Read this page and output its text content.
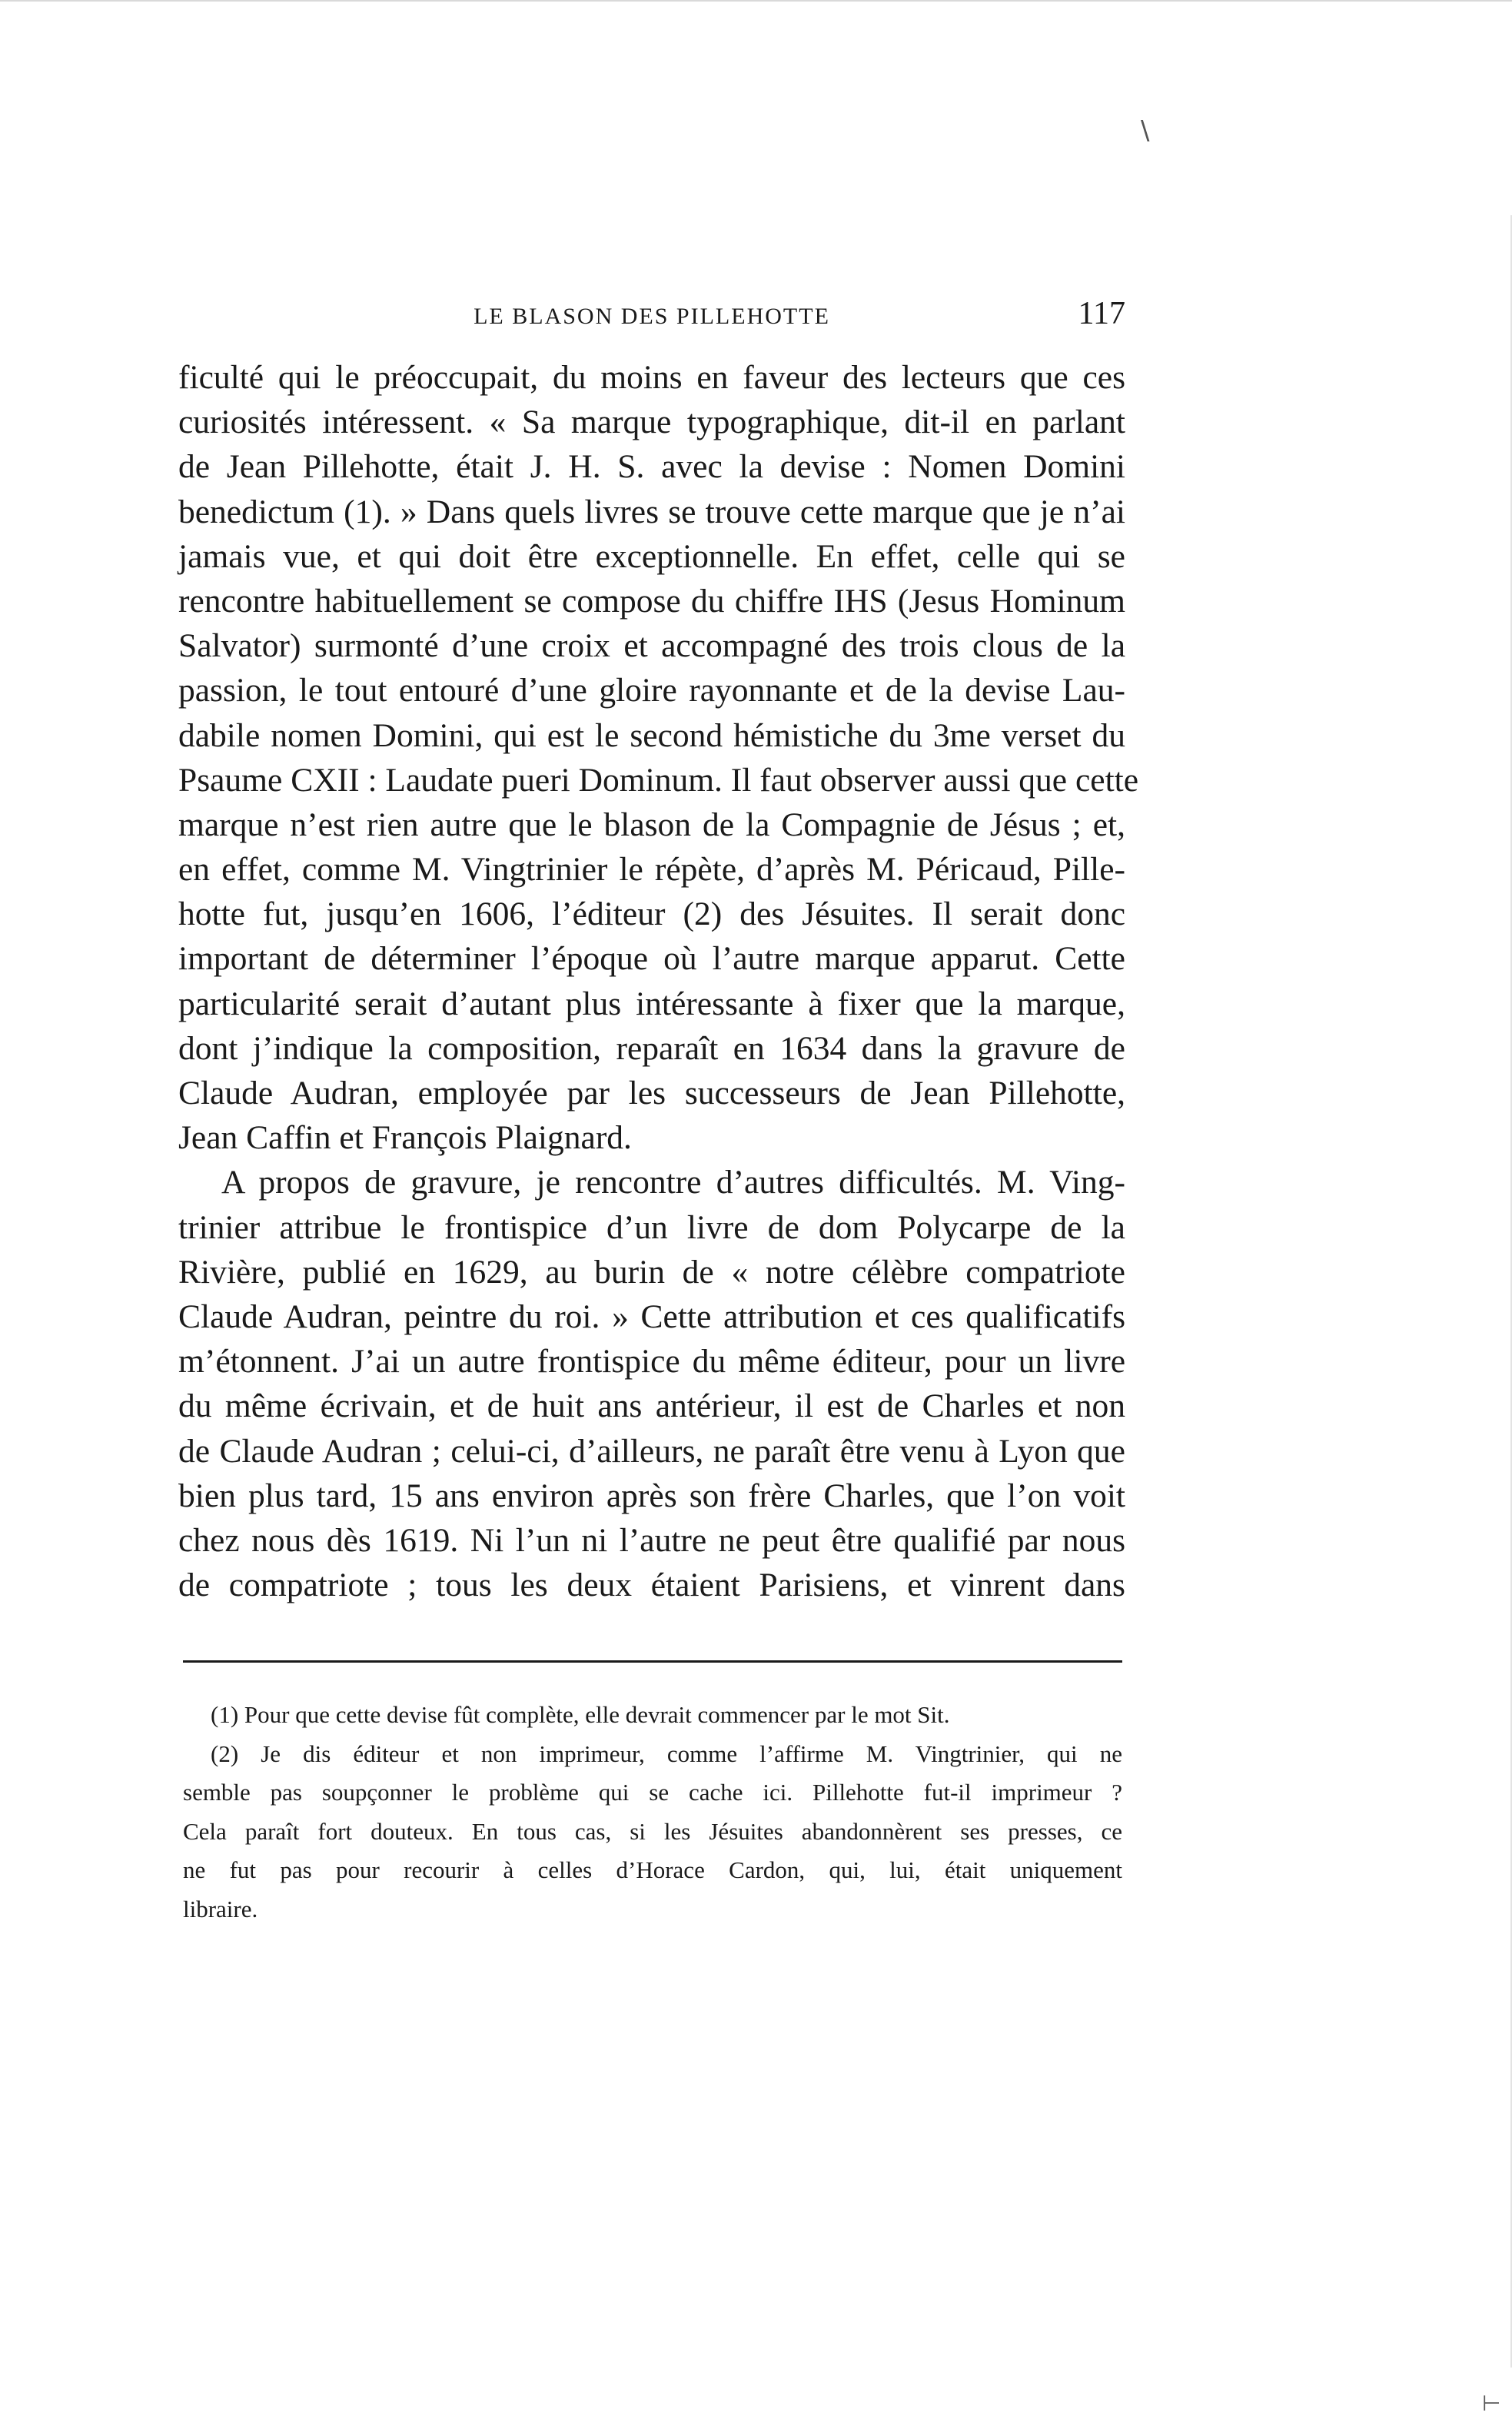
\
⊢
LE BLASON DES PILLEHOTTE	117
ficulté qui le préoccupait, du moins en faveur des lecteurs que ces
curiosités intéressent. « Sa marque typographique, dit-il en parlant
de Jean Pillehotte, était J. H. S. avec la devise : Nomen Domini
benedictum (1). » Dans quels livres se trouve cette marque que je n’ai
jamais vue, et qui doit être exceptionnelle. En effet, celle qui se
rencontre habituellement se compose du chiffre IHS (Jesus Hominum
Salvator) surmonté d’une croix et accompagné des trois clous de la
passion, le tout entouré d’une gloire rayonnante et de la devise Lau-
dabile nomen Domini, qui est le second hémistiche du 3me verset du
Psaume CXII : Laudate pueri Dominum. Il faut observer aussi que cette
marque n’est rien autre que le blason de la Compagnie de Jésus ; et,
en effet, comme M. Vingtrinier le répète, d’après M. Péricaud, Pille-
hotte fut, jusqu’en 1606, l’éditeur (2) des Jésuites. Il serait donc
important de déterminer l’époque où l’autre marque apparut. Cette
particularité serait d’autant plus intéressante à fixer que la marque,
dont j’indique la composition, reparaît en 1634 dans la gravure de
Claude Audran, employée par les successeurs de Jean Pillehotte,
Jean Caffin et François Plaignard.
A propos de gravure, je rencontre d’autres difficultés. M. Ving-
trinier attribue le frontispice d’un livre de dom Polycarpe de la
Rivière, publié en 1629, au burin de « notre célèbre compatriote
Claude Audran, peintre du roi. » Cette attribution et ces qualificatifs
m’étonnent. J’ai un autre frontispice du même éditeur, pour un livre
du même écrivain, et de huit ans antérieur, il est de Charles et non
de Claude Audran ; celui-ci, d’ailleurs, ne paraît être venu à Lyon que
bien plus tard, 15 ans environ après son frère Charles, que l’on voit
chez nous dès 1619. Ni l’un ni l’autre ne peut être qualifié par nous
de compatriote ; tous les deux étaient Parisiens, et vinrent dans
(1) Pour que cette devise fût complète, elle devrait commencer par le mot Sit.
(2) Je dis éditeur et non imprimeur, comme l’affirme M. Vingtrinier, qui ne
semble pas soupçonner le problème qui se cache ici. Pillehotte fut-il imprimeur ?
Cela paraît fort douteux. En tous cas, si les Jésuites abandonnèrent ses presses, ce
ne fut pas pour recourir à celles d’Horace Cardon, qui, lui, était uniquement
libraire.
